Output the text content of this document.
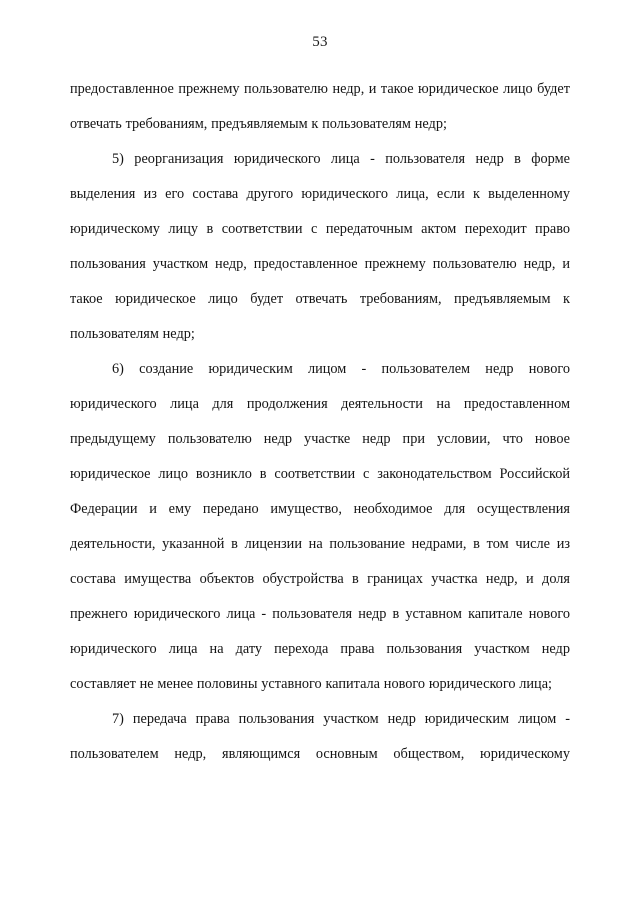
53

предоставленное прежнему пользователю недр, и такое юридическое лицо будет отвечать требованиям, предъявляемым к пользователям недр;

5) реорганизация юридического лица - пользователя недр в форме выделения из его состава другого юридического лица, если к выделенному юридическому лицу в соответствии с передаточным актом переходит право пользования участком недр, предоставленное прежнему пользователю недр, и такое юридическое лицо будет отвечать требованиям, предъявляемым к пользователям недр;

6) создание юридическим лицом - пользователем недр нового юридического лица для продолжения деятельности на предоставленном предыдущему пользователю недр участке недр при условии, что новое юридическое лицо возникло в соответствии с законодательством Российской Федерации и ему передано имущество, необходимое для осуществления деятельности, указанной в лицензии на пользование недрами, в том числе из состава имущества объектов обустройства в границах участка недр, и доля прежнего юридического лица - пользователя недр в уставном капитале нового юридического лица на дату перехода права пользования участком недр составляет не менее половины уставного капитала нового юридического лица;

7) передача права пользования участком недр юридическим лицом - пользователем недр, являющимся основным обществом, юридическому
